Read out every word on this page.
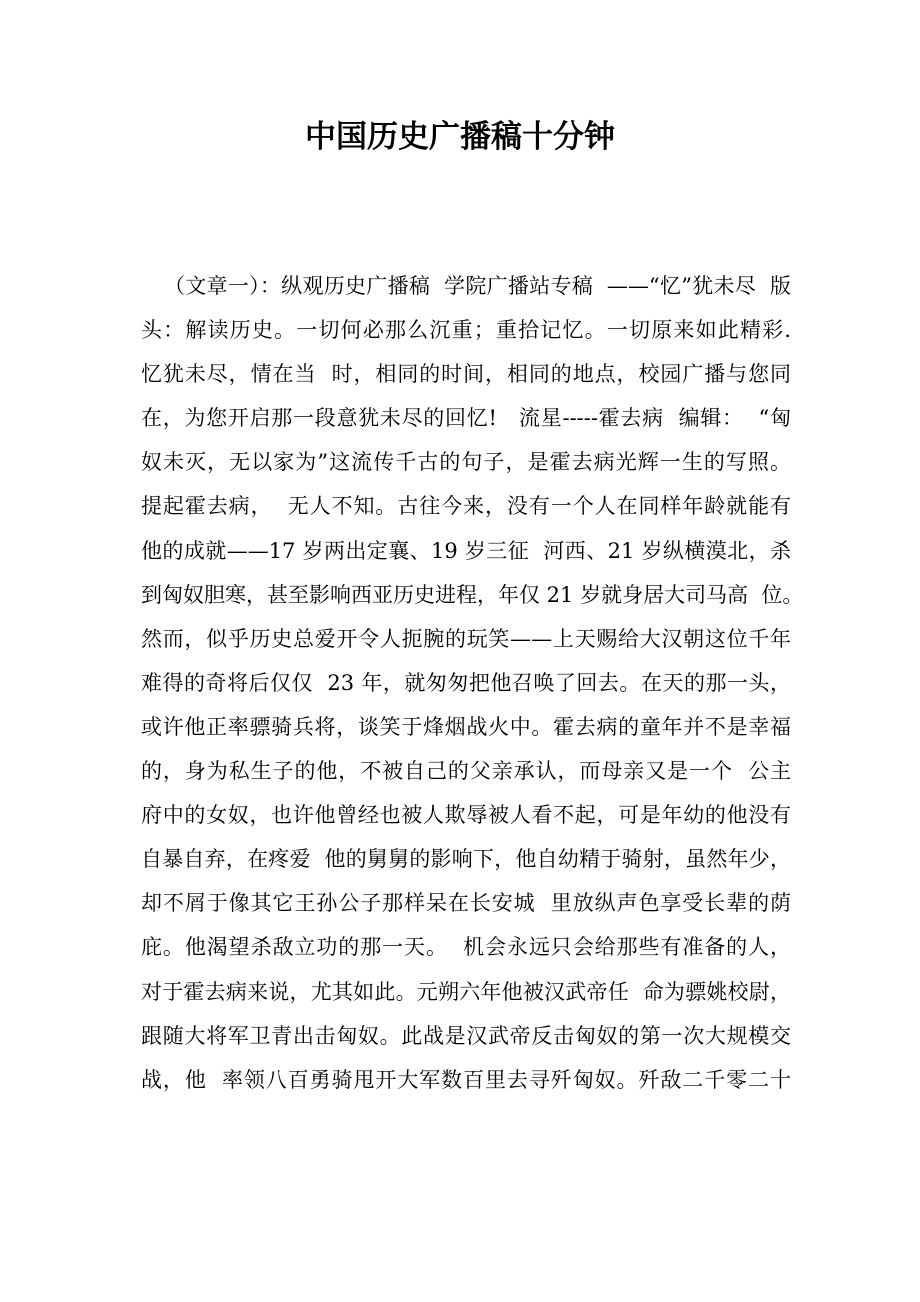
中国历史广播稿十分钟
（文章一）：纵观历史广播稿  学院广播站专稿  ——“忆”犹未尽  版
头：解读历史。一切何必那么沉重；重拾记忆。一切原来如此精彩.
忆犹未尽，情在当  时，相同的时间，相同的地点，校园广播与您同
在，为您开启那一段意犹未尽的回忆!   流星-----霍去病  编辑：  “匈
奴未灭，无以家为”这流传千古的句子，是霍去病光辉一生的写照。
提起霍去病，  无人不知。古往今来，没有一个人在同样年龄就能有
他的成就——17 岁两出定襄、19 岁三征  河西、21 岁纵横漠北，杀
到匈奴胆寒，甚至影响西亚历史进程，年仅 21 岁就身居大司马高  位。
然而，似乎历史总爱开令人扼腕的玩笑——上天赐给大汉朝这位千年
难得的奇将后仅仅  23 年，就匆匆把他召唤了回去。在天的那一头，
或许他正率骠骑兵将，谈笑于烽烟战火中。霍去病的童年并不是幸福
的，身为私生子的他，不被自己的父亲承认，而母亲又是一个  公主
府中的女奴，也许他曾经也被人欺辱被人看不起，可是年幼的他没有
自暴自弃，在疼爱  他的舅舅的影响下，他自幼精于骑射，虽然年少，
却不屑于像其它王孙公子那样呆在长安城  里放纵声色享受长辈的荫
庇。他渴望杀敌立功的那一天。  机会永远只会给那些有准备的人，
对于霍去病来说，尤其如此。元朔六年他被汉武帝任  命为骠姚校尉，
跟随大将军卫青出击匈奴。此战是汉武帝反击匈奴的第一次大规模交
战，他  率领八百勇骑甩开大军数百里去寻歼匈奴。歼敌二千零二十
